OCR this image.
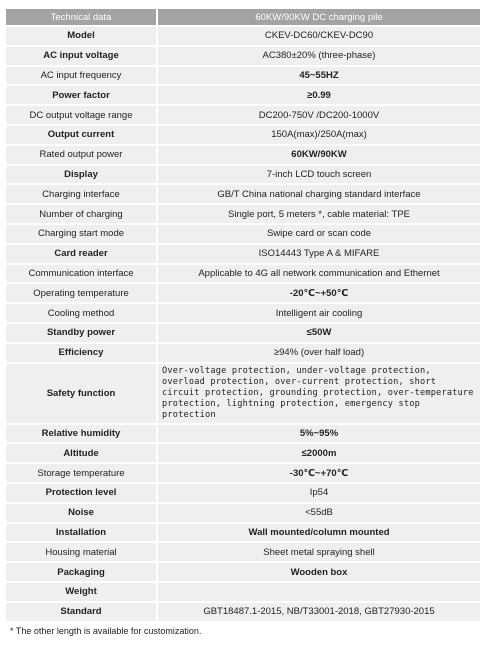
Technical data	60KW/90KW DC charging pile
Model	CKEV-DC60/CKEV-DC90
AC input voltage	AC380±20% (three-phase)
AC input frequency	45~55HZ
Power factor	≥0.99
DC output voltage range	DC200-750V /DC200-1000V
Output current	150A(max)/250A(max)
Rated output power	60KW/90KW
Display	7-inch LCD touch screen
Charging interface	GB/T China national charging standard interface
Number of charging	Single port, 5 meters *, cable material: TPE
Charging start mode	Swipe card or scan code
Card reader	ISO14443 Type A & MIFARE
Communication interface	Applicable to 4G all network communication and Ethernet
Operating temperature	-20℃~+50℃
Cooling method	Intelligent air cooling
Standby power	≤50W
Efficiency	≥94% (over half load)
Safety function	Over-voltage protection, under-voltage protection, overload protection, over-current protection, short circuit protection, grounding protection, over-temperature protection, lightning protection, emergency stop protection
Relative humidity	5%~95%
Altitude	≤2000m
Storage temperature	-30℃~+70℃
Protection level	Ip54
Noise	<55dB
Installation	Wall mounted/column mounted
Housing material	Sheet metal spraying shell
Packaging	Wooden box
Weight	
Standard	GBT18487.1-2015, NB/T33001-2018, GBT27930-2015
* The other length is available for customization.
